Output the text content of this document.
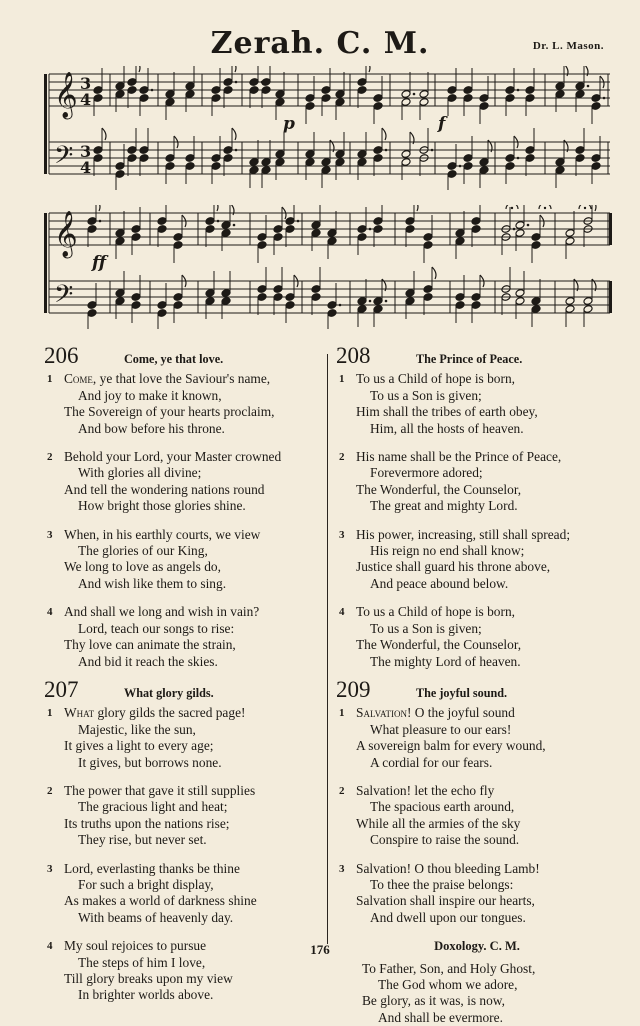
Zerah. C. M.	Dr. L. Mason.
𝄞 3
4
𝄢 3
4
p	f
𝄞
𝄢
ff
206	Come, ye that love.
1 Come, ye that love the Saviour's name,
And joy to make it known,
The Sovereign of your hearts proclaim,
And bow before his throne.
2 Behold your Lord, your Master crowned
With glories all divine;
And tell the wondering nations round
How bright those glories shine.
3 When, in his earthly courts, we view
The glories of our King,
We long to love as angels do,
And wish like them to sing.
4 And shall we long and wish in vain?
Lord, teach our songs to rise:
Thy love can animate the strain,
And bid it reach the skies.
207	What glory gilds.
1 What glory gilds the sacred page!
Majestic, like the sun,
It gives a light to every age;
It gives, but borrows none.
2 The power that gave it still supplies
The gracious light and heat;
Its truths upon the nations rise;
They rise, but never set.
3 Lord, everlasting thanks be thine
For such a bright display,
As makes a world of darkness shine
With beams of heavenly day.
4 My soul rejoices to pursue
The steps of him I love,
Till glory breaks upon my view
In brighter worlds above.
208	The Prince of Peace.
1 To us a Child of hope is born,
To us a Son is given;
Him shall the tribes of earth obey,
Him, all the hosts of heaven.
2 His name shall be the Prince of Peace,
Forevermore adored;
The Wonderful, the Counselor,
The great and mighty Lord.
3 His power, increasing, still shall spread;
His reign no end shall know;
Justice shall guard his throne above,
And peace abound below.
4 To us a Child of hope is born,
To us a Son is given;
The Wonderful, the Counselor,
The mighty Lord of heaven.
209	The joyful sound.
1 Salvation! O the joyful sound
What pleasure to our ears!
A sovereign balm for every wound,
A cordial for our fears.
2 Salvation! let the echo fly
The spacious earth around,
While all the armies of the sky
Conspire to raise the sound.
3 Salvation! O thou bleeding Lamb!
To thee the praise belongs:
Salvation shall inspire our hearts,
And dwell upon our tongues.
Doxology. C. M.
To Father, Son, and Holy Ghost,
The God whom we adore,
Be glory, as it was, is now,
And shall be evermore.
176
